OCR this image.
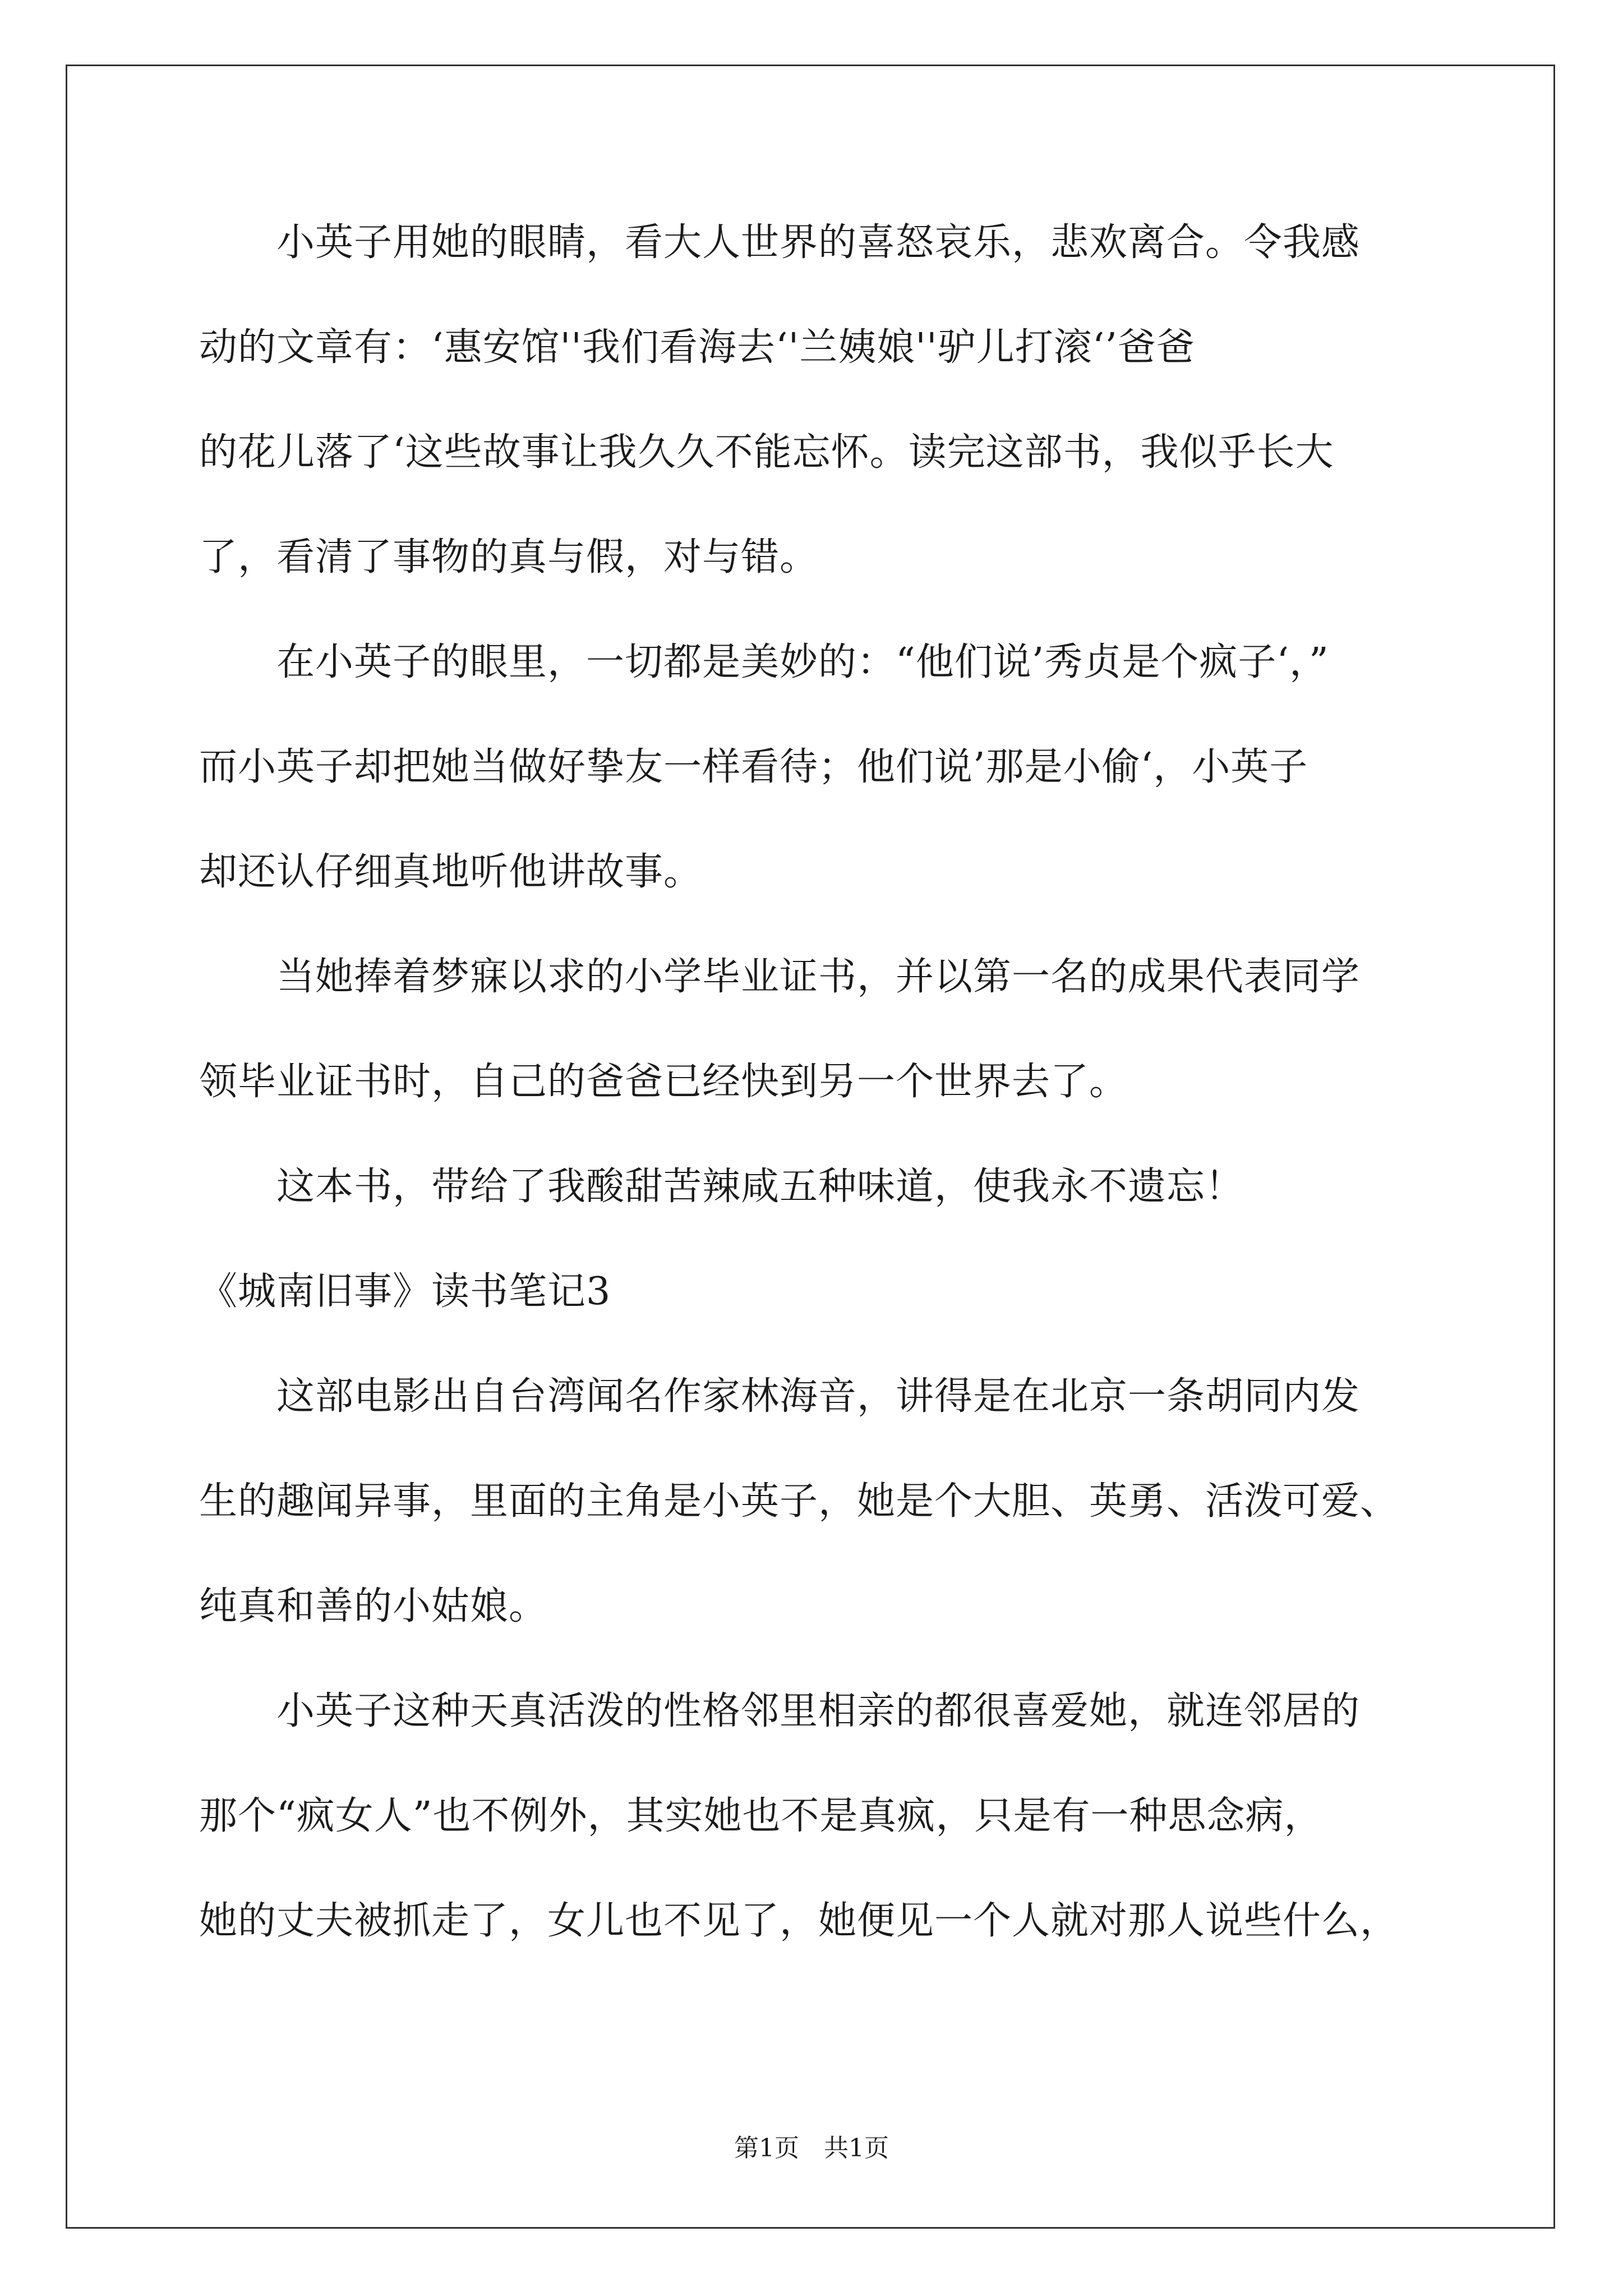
　　小英子用她的眼睛，看大人世界的喜怒哀乐，悲欢离合。令我感
动的文章有：‘惠安馆''我们看海去‘'兰姨娘''驴儿打滚‘’爸爸
的花儿落了‘这些故事让我久久不能忘怀。读完这部书，我似乎长大
了，看清了事物的真与假，对与错。
　　在小英子的眼里，一切都是美妙的：“他们说’秀贞是个疯子‘，”
而小英子却把她当做好挚友一样看待；他们说’那是小偷‘，小英子
却还认仔细真地听他讲故事。
　　当她捧着梦寐以求的小学毕业证书，并以第一名的成果代表同学
领毕业证书时，自己的爸爸已经快到另一个世界去了。
　　这本书，带给了我酸甜苦辣咸五种味道，使我永不遗忘！
《城南旧事》读书笔记3
　　这部电影出自台湾闻名作家林海音，讲得是在北京一条胡同内发
生的趣闻异事，里面的主角是小英子，她是个大胆、英勇、活泼可爱、
纯真和善的小姑娘。
　　小英子这种天真活泼的性格邻里相亲的都很喜爱她，就连邻居的
那个“疯女人”也不例外，其实她也不是真疯，只是有一种思念病，
她的丈夫被抓走了，女儿也不见了，她便见一个人就对那人说些什么，
第1页　共1页
